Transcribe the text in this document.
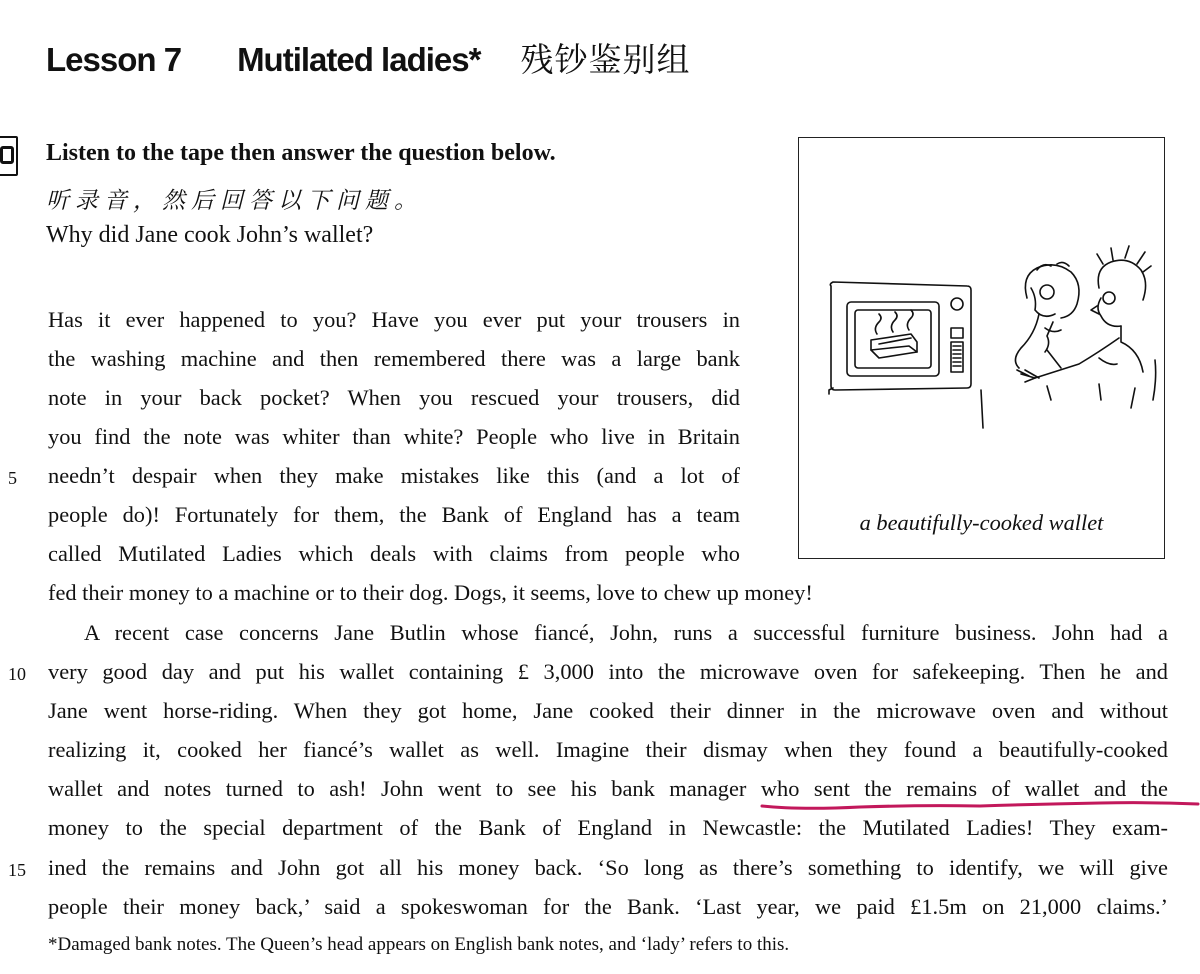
Lesson 7 Mutilated ladies* 残钞鉴别组
Listen to the tape then answer the question below.
听录音，然后回答以下问题。
Why did Jane cook John’s wallet?
a beautifully-cooked wallet
Has it ever happened to you? Have you ever put your trousers in
the washing machine and then remembered there was a large bank
note in your back pocket? When you rescued your trousers, did
you find the note was whiter than white? People who live in Britain
5 needn’t despair when they make mistakes like this (and a lot of
people do)! Fortunately for them, the Bank of England has a team
called Mutilated Ladies which deals with claims from people who
fed their money to a machine or to their dog. Dogs, it seems, love to chew up money!
A recent case concerns Jane Butlin whose fiancé, John, runs a successful furniture business. John had a
10 very good day and put his wallet containing £ 3,000 into the microwave oven for safekeeping. Then he and
Jane went horse-riding. When they got home, Jane cooked their dinner in the microwave oven and without
realizing it, cooked her fiancé’s wallet as well. Imagine their dismay when they found a beautifully-cooked
wallet and notes turned to ash! John went to see his bank manager who sent the remains of wallet and the
money to the special department of the Bank of England in Newcastle: the Mutilated Ladies! They exam-
15 ined the remains and John got all his money back. ‘So long as there’s something to identify, we will give
people their money back,’ said a spokeswoman for the Bank. ‘Last year, we paid £1.5m on 21,000 claims.’
*Damaged bank notes. The Queen’s head appears on English bank notes, and ‘lady’ refers to this.
